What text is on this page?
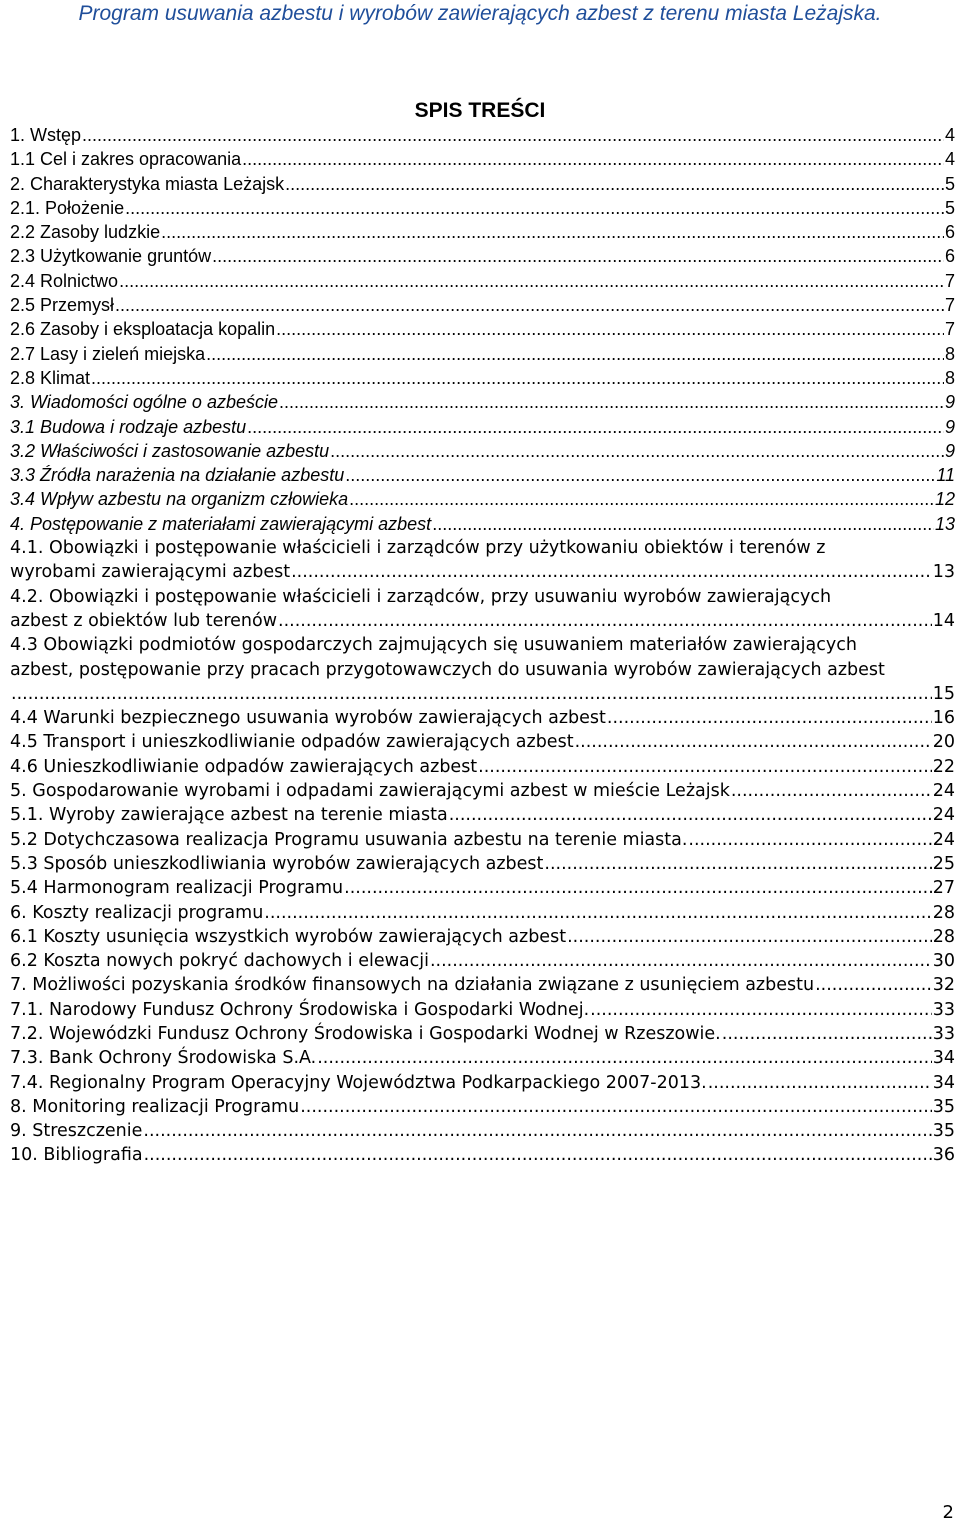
Program usuwania azbestu i wyrobów zawierających azbest z terenu miasta Leżajska.
SPIS TREŚCI
1. Wstęp .....	4
1.1 Cel i zakres opracowania .....	4
2. Charakterystyka miasta Leżajsk .....	5
2.1. Położenie .....	5
2.2 Zasoby ludzkie .....	6
2.3 Użytkowanie gruntów .....	6
2.4 Rolnictwo .....	7
2.5 Przemysł .....	7
2.6 Zasoby i eksploatacja kopalin .....	7
2.7 Lasy i zieleń miejska .....	8
2.8 Klimat .....	8
3. Wiadomości ogólne o azbeście .....	9
3.1 Budowa i rodzaje azbestu .....	9
3.2 Właściwości i zastosowanie azbestu .....	9
3.3 Źródła narażenia na działanie azbestu .....	11
3.4 Wpływ azbestu na organizm człowieka .....	12
4. Postępowanie z materiałami zawierającymi azbest .....	13
4.1. Obowiązki i postępowanie właścicieli i zarządców przy użytkowaniu obiektów i terenów z
wyrobami zawierającymi azbest .....	13
4.2. Obowiązki i postępowanie właścicieli i zarządców, przy usuwaniu wyrobów zawierających
azbest z obiektów lub terenów .....	14
4.3 Obowiązki podmiotów gospodarczych zajmujących się usuwaniem materiałów zawierających
azbest, postępowanie przy pracach przygotowawczych do usuwania wyrobów zawierających azbest
.....
15
4.4 Warunki bezpiecznego usuwania wyrobów zawierających azbest .....	16
4.5 Transport i unieszkodliwianie odpadów zawierających azbest .....	20
4.6 Unieszkodliwianie odpadów zawierających azbest .....	22
5. Gospodarowanie wyrobami i odpadami zawierającymi azbest w mieście Leżajsk .....	24
5.1. Wyroby zawierające azbest na terenie miasta .....	24
5.2 Dotychczasowa realizacja Programu usuwania azbestu na terenie miasta. .....	24
5.3 Sposób unieszkodliwiania wyrobów zawierających azbest .....	25
5.4 Harmonogram realizacji Programu .....	27
6. Koszty realizacji programu .....	28
6.1 Koszty usunięcia wszystkich wyrobów zawierających azbest .....	28
6.2 Koszta nowych pokryć dachowych i elewacji .....	30
7. Możliwości pozyskania środków finansowych na działania związane z usunięciem azbestu .....	32
7.1. Narodowy Fundusz Ochrony Środowiska i Gospodarki Wodnej. .....	33
7.2. Wojewódzki Fundusz Ochrony Środowiska i Gospodarki Wodnej w Rzeszowie. .....	33
7.3. Bank Ochrony Środowiska S.A. .....	34
7.4. Regionalny Program Operacyjny Województwa Podkarpackiego 2007-2013. .....	34
8. Monitoring realizacji Programu .....	35
9. Streszczenie .....	35
10. Bibliografia .....	36
2
